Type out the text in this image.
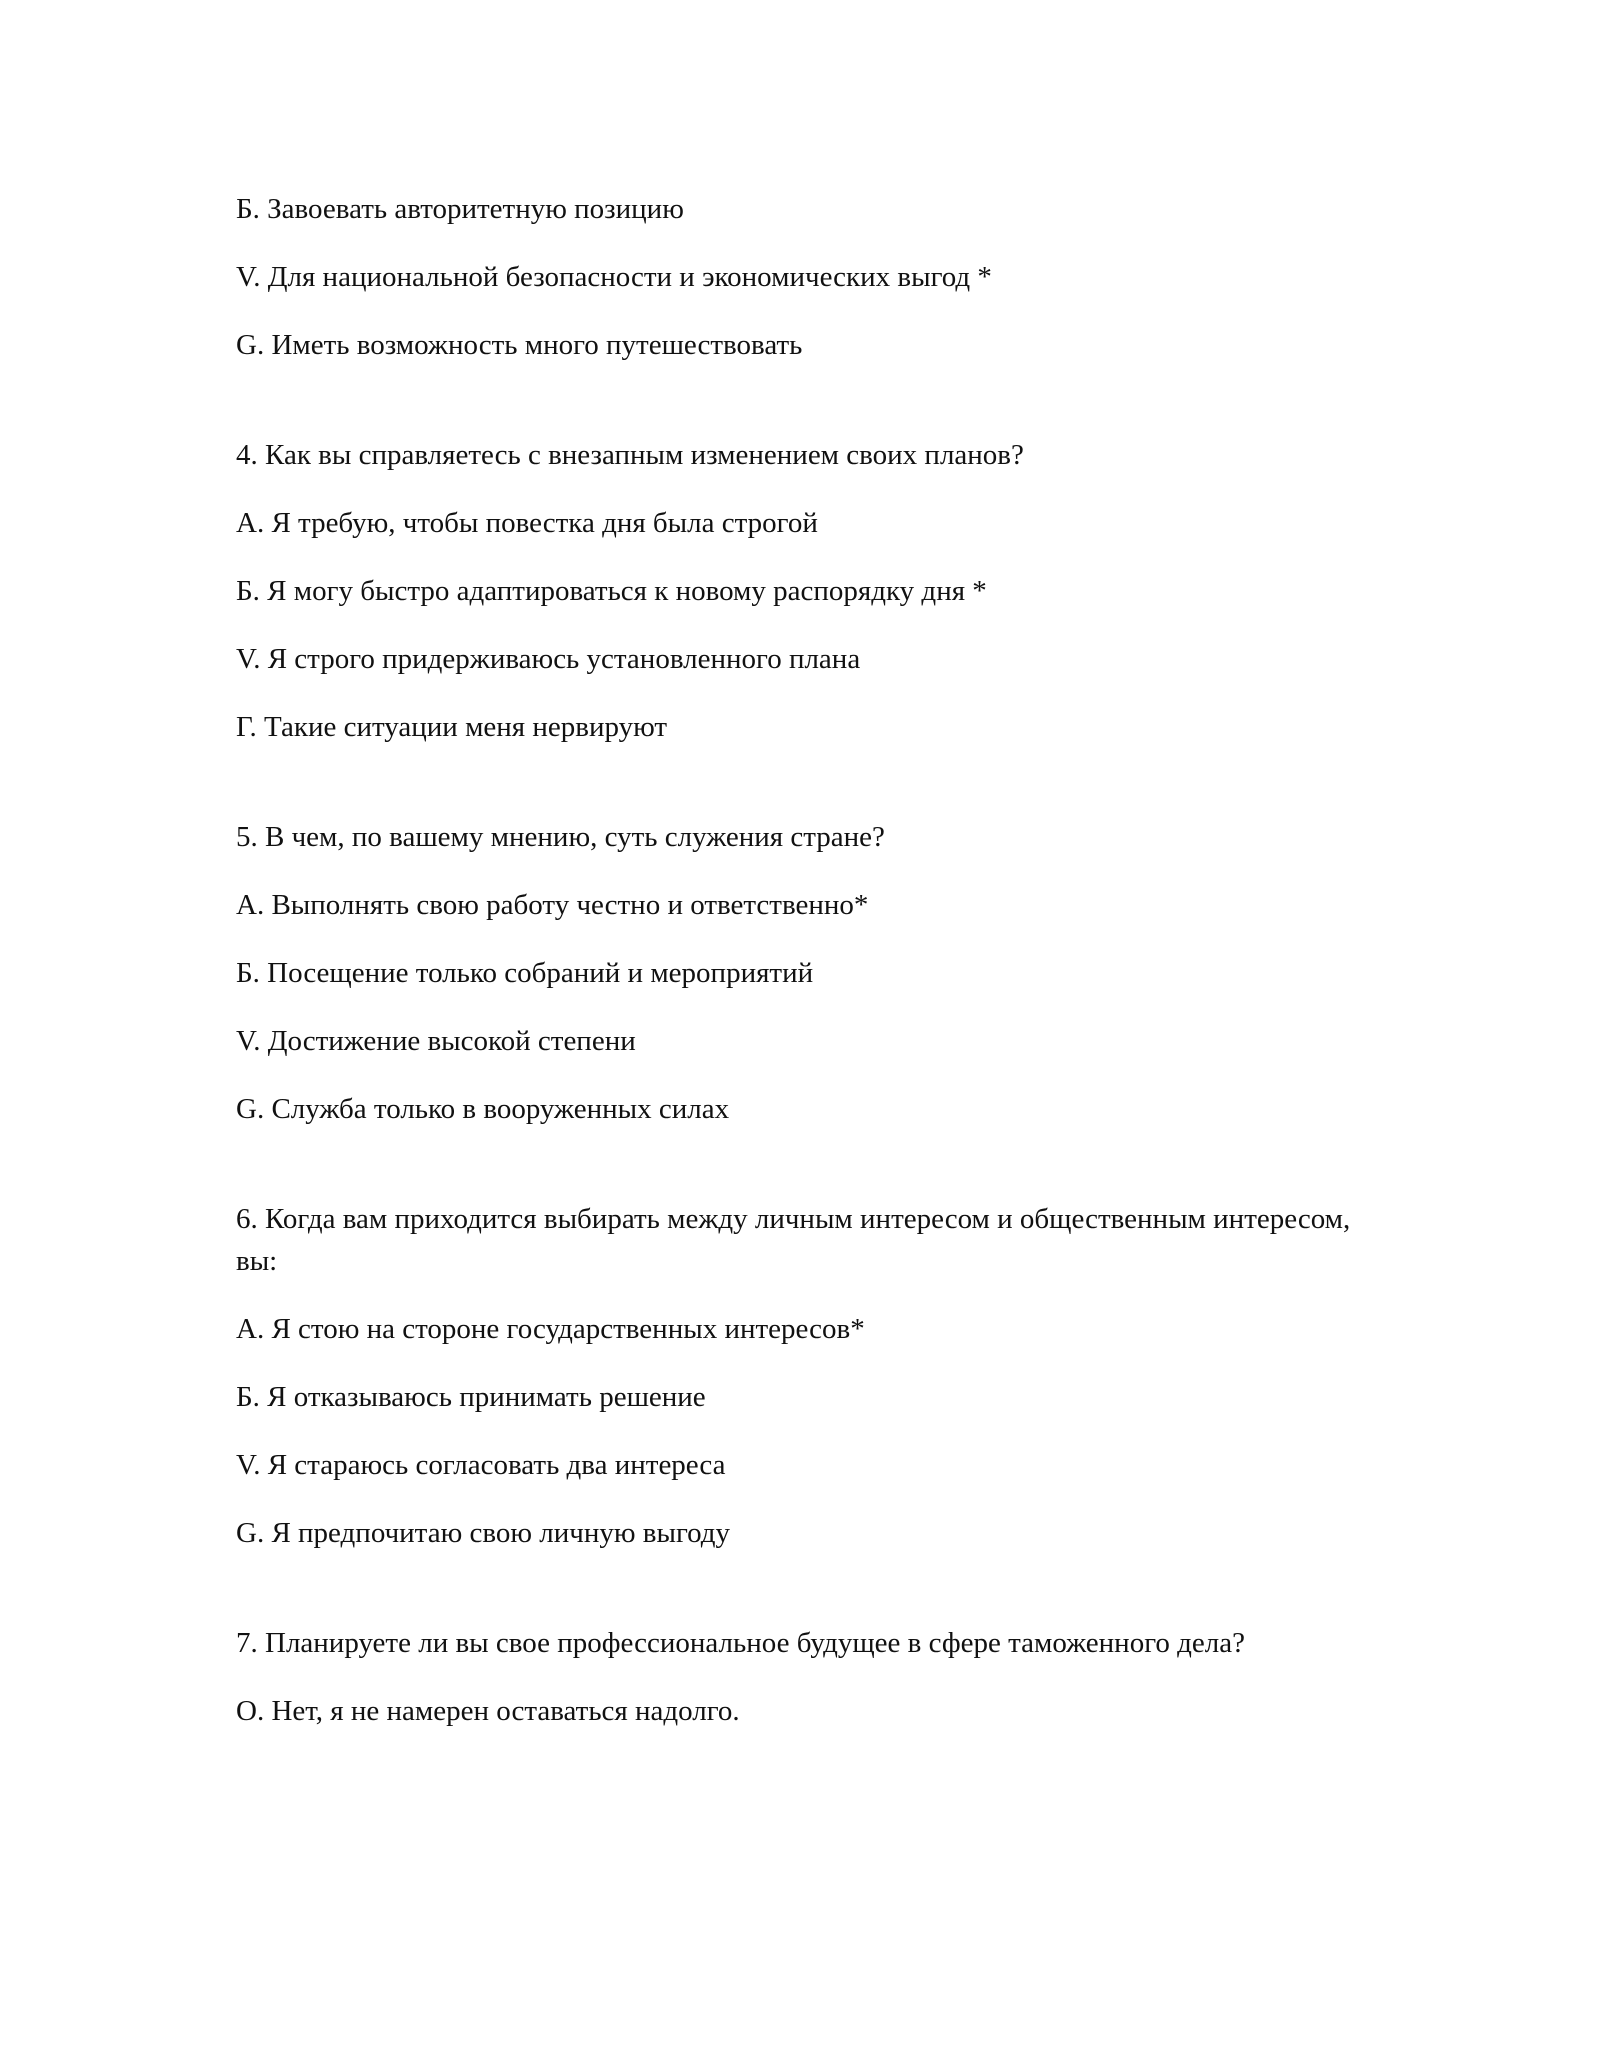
Б. Завоевать авторитетную позицию
V. Для национальной безопасности и экономических выгод *
G. Иметь возможность много путешествовать
4. Как вы справляетесь с внезапным изменением своих планов?
A. Я требую, чтобы повестка дня была строгой
Б. Я могу быстро адаптироваться к новому распорядку дня *
V. Я строго придерживаюсь установленного плана
Г. Такие ситуации меня нервируют
5. В чем, по вашему мнению, суть служения стране?
A. Выполнять свою работу честно и ответственно*
Б. Посещение только собраний и мероприятий
V. Достижение высокой степени
G. Служба только в вооруженных силах
6. Когда вам приходится выбирать между личным интересом и общественным интересом, вы:
A. Я стою на стороне государственных интересов*
Б. Я отказываюсь принимать решение
V. Я стараюсь согласовать два интереса
G. Я предпочитаю свою личную выгоду
7. Планируете ли вы свое профессиональное будущее в сфере таможенного дела?
O. Нет, я не намерен оставаться надолго.
